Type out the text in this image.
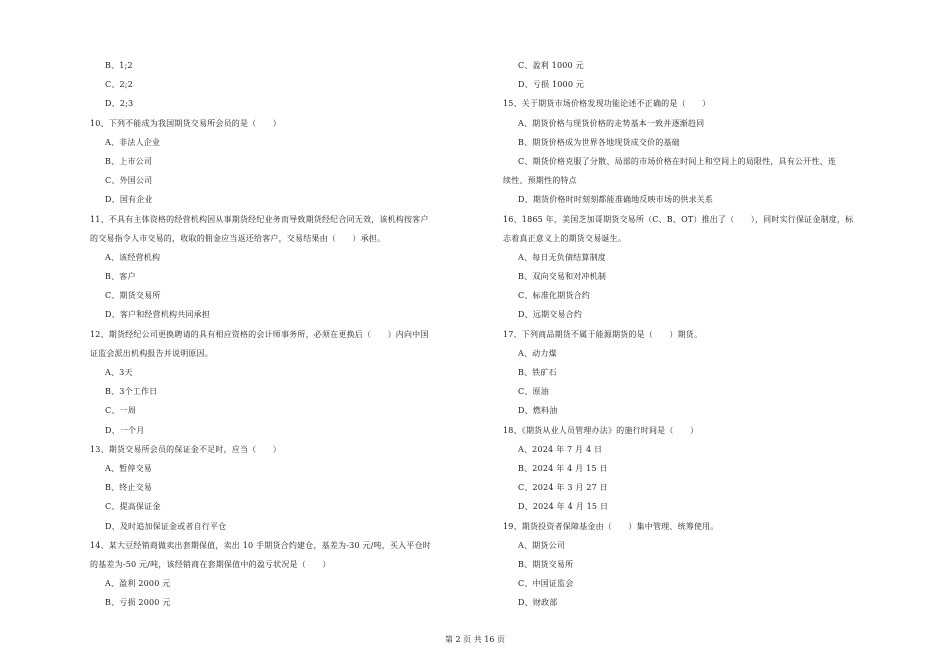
B、1;2
C、2;2
D、2;3
10、下列不能成为我国期货交易所会员的是（　　）
A、非法人企业
B、上市公司
C、外国公司
D、国有企业
11、不具有主体资格的经营机构因从事期货经纪业务而导致期货经纪合同无效，该机构按客户
的交易指令人市交易的，收取的佣金应当返还给客户，交易结果由（　　）承担。
A、该经营机构
B、客户
C、期货交易所
D、客户和经营机构共同承担
12、期货经纪公司更换聘请的具有相应资格的会计师事务所，必须在更换后（　　）内向中国
证监会派出机构报告并说明原因。
A、3天
B、3个工作日
C、一周
D、一个月
13、期货交易所会员的保证金不足时，应当（　　）
A、暂停交易
B、终止交易
C、提高保证金
D、及时追加保证金或者自行平仓
14、某大豆经销商做卖出套期保值，卖出 10 手期货合约建仓，基差为-30 元/吨，买入平仓时
的基差为-50 元/吨，该经销商在套期保值中的盈亏状况是（　　）
A、盈利 2000 元
B、亏损 2000 元
C、盈利 1000 元
D、亏损 1000 元
15、关于期货市场价格发现功能论述不正确的是（　　）
A、期货价格与现货价格的走势基本一致并逐渐趋同
B、期货价格成为世界各地现货成交价的基础
C、期货价格克服了分散、局部的市场价格在时间上和空间上的局限性，具有公开性、连
续性、预期性的特点
D、期货价格时时刻刻都能准确地反映市场的供求关系
16、1865 年，美国芝加哥期货交易所（C、B、OT）推出了（　　），同时实行保证金制度，标
志着真正意义上的期货交易诞生。
A、每日无负债结算制度
B、双向交易和对冲机制
C、标准化期货合约
D、远期交易合约
17、下列商品期货不属于能源期货的是（　　）期货。
A、动力煤
B、铁矿石
C、原油
D、燃料油
18、《期货从业人员管理办法》的施行时间是（　　）
A、2024 年 7 月 4 日
B、2024 年 4 月 15 日
C、2024 年 3 月 27 日
D、2024 年 4 月 15 日
19、期货投资者保障基金由（　　）集中管理、统筹使用。
A、期货公司
B、期货交易所
C、中国证监会
D、财政部
第 2 页 共 16 页
